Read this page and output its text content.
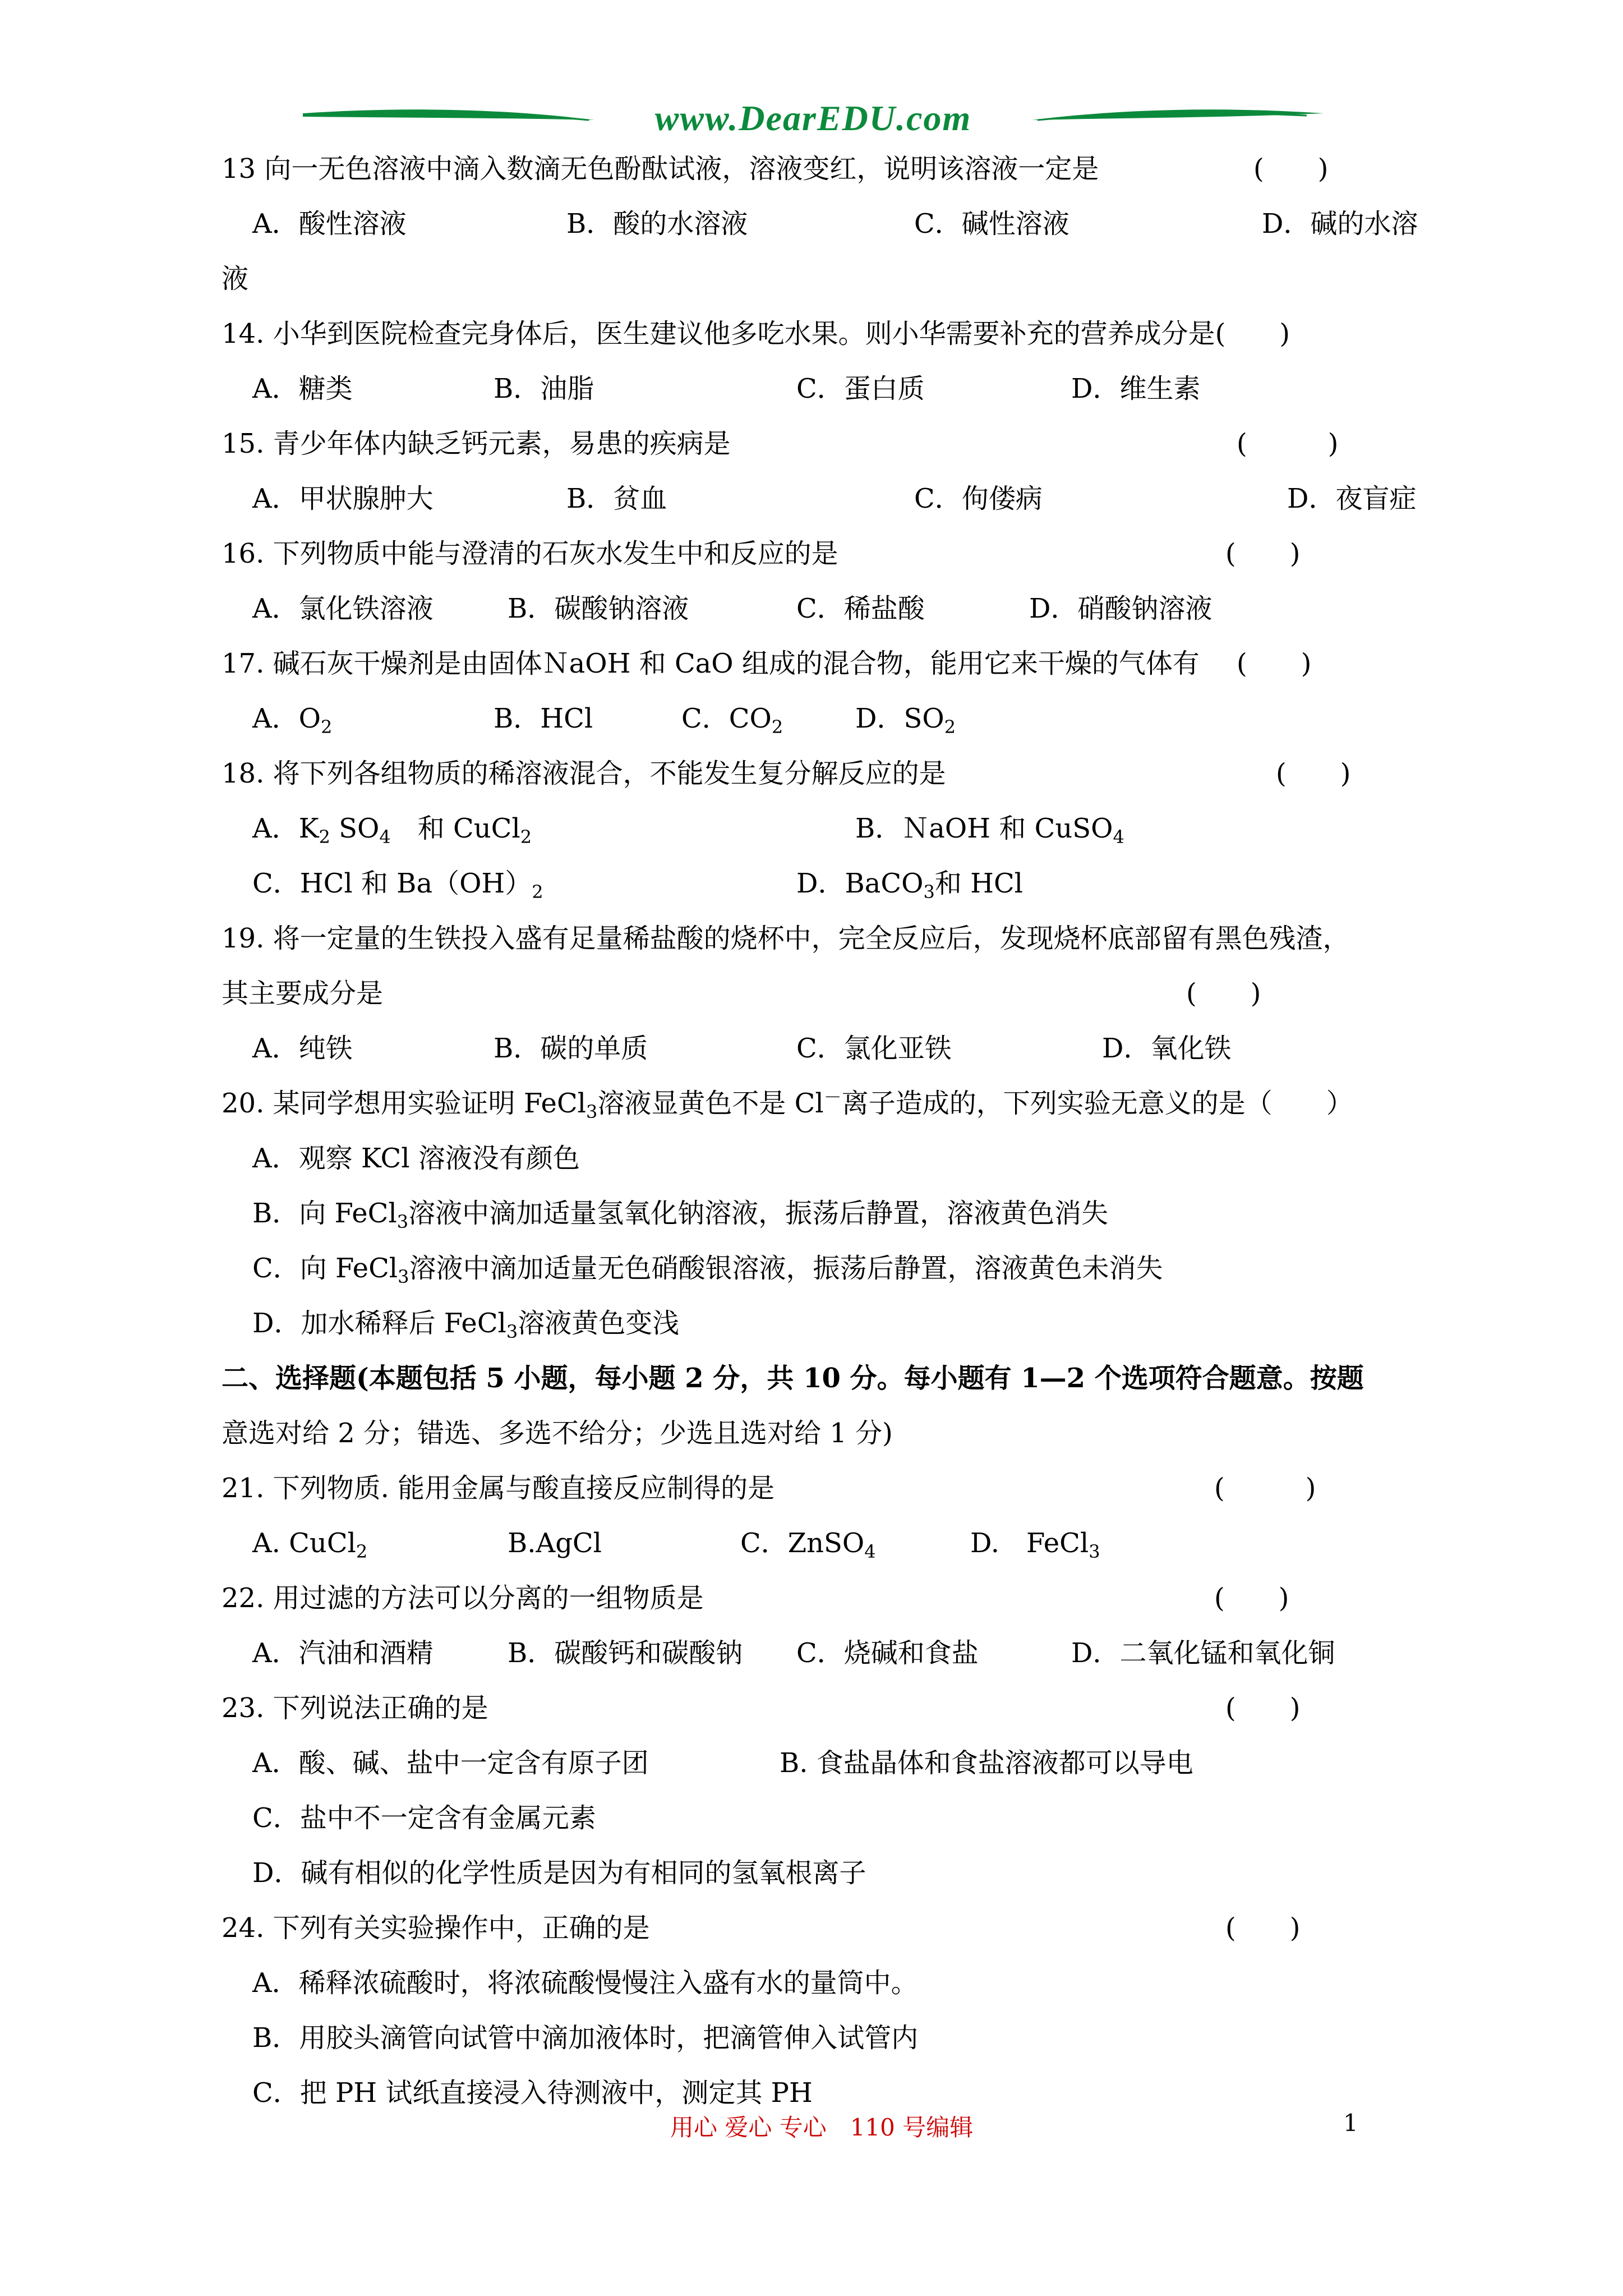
www.DearEDU.com
13 向一无色溶液中滴入数滴无色酚酞试液，溶液变红，说明该溶液一定是	(　　)
A．酸性溶液	B．酸的水溶液	C．碱性溶液	D．碱的水溶
液
14. 小华到医院检查完身体后，医生建议他多吃水果。则小华需要补充的营养成分是(　　)
A．糖类	B．油脂	C．蛋白质	D．维生素
15. 青少年体内缺乏钙元素，易患的疾病是	(　　　)
A．甲状腺肿大	B．贫血	C．佝偻病	D．夜盲症
16. 下列物质中能与澄清的石灰水发生中和反应的是	(　　)
A．氯化铁溶液	B．碳酸钠溶液	C．稀盐酸	D．硝酸钠溶液
17. 碱石灰干燥剂是由固体ＮaOH 和 CaO 组成的混合物，能用它来干燥的气体有 (　　)
A．$O_2$	B．HCl	C．$CO_2$	D．$SO_2$
18. 将下列各组物质的稀溶液混合，不能发生复分解反应的是	(　　)
A．$K_2$ $SO_4$　和 CuCl$_2$	B．ＮaOH 和 CuSO$_4$
C．HCl 和 $Ba(OH)_2$	D．BaCO$_3$和 HCl
19. 将一定量的生铁投入盛有足量稀盐酸的烧杯中，完全反应后，发现烧杯底部留有黑色残渣，
其主要成分是	(　　)
A．纯铁	B．碳的单质	C．氯化亚铁	D．氧化铁
20. 某同学想用实验证明 FeCl$_3$溶液显黄色不是 Cl－离子造成的，下列实验无意义的是（　　）
A．观察 KCl 溶液没有颜色
B．向 FeCl$_3$溶液中滴加适量氢氧化钠溶液，振荡后静置，溶液黄色消失
C．向 FeCl$_3$溶液中滴加适量无色硝酸银溶液，振荡后静置，溶液黄色未消失
D．加水稀释后 FeCl$_3$溶液黄色变浅
二、选择题(本题包括 5 小题，每小题 2 分，共 10 分。每小题有 1—2 个选项符合题意。按题
意选对给 2 分；错选、多选不给分；少选且选对给 1 分)
21. 下列物质. 能用金属与酸直接反应制得的是	(　　　)
A. CuCl$_2$	B.AgCl	C．ZnSO$_4$	D.　FeCl$_3$
22. 用过滤的方法可以分离的一组物质是	(　　)
A．汽油和酒精	B．碳酸钙和碳酸钠 C．烧碱和食盐	D．二氧化锰和氧化铜
23. 下列说法正确的是	(　　)
A．酸、碱、盐中一定含有原子团	B. 食盐晶体和食盐溶液都可以导电
C．盐中不一定含有金属元素
D．碱有相似的化学性质是因为有相同的氢氧根离子
24. 下列有关实验操作中，正确的是	(　　)
A．稀释浓硫酸时，将浓硫酸慢慢注入盛有水的量筒中。
B．用胶头滴管向试管中滴加液体时，把滴管伸入试管内
C．把 PH 试纸直接浸入待测液中，测定其 PH
用心 爱心 专心　110 号编辑	1
